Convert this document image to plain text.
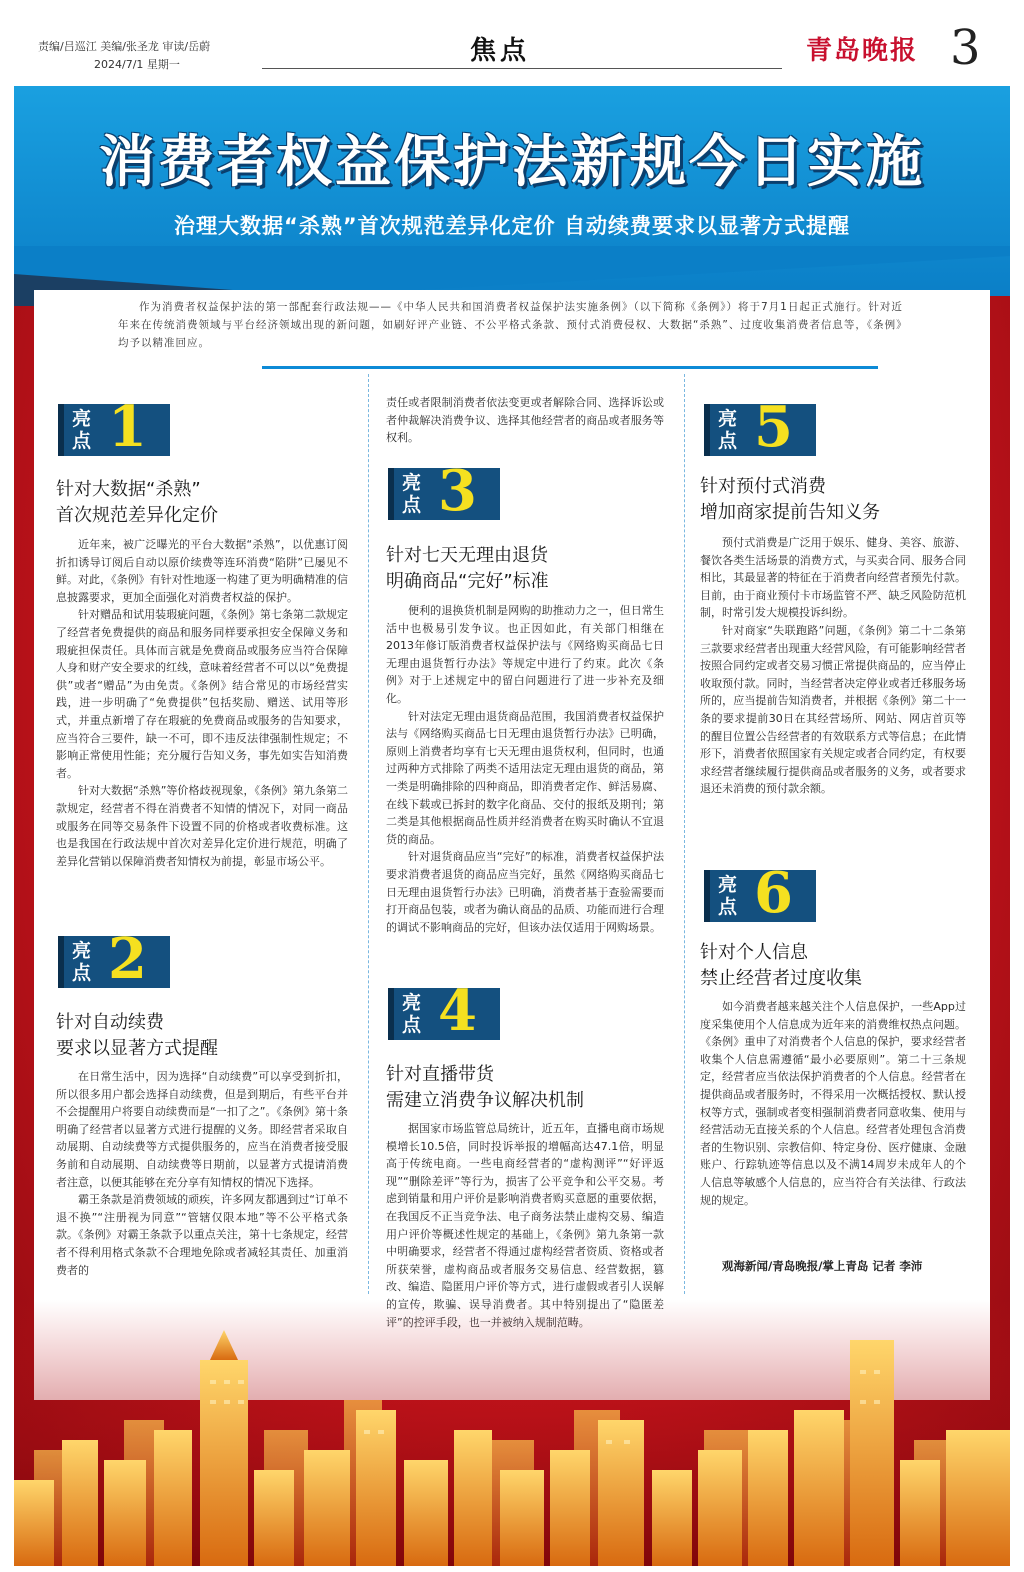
责编/吕巡江 美编/张圣龙 审读/岳蔚
2024/7/1 星期一	焦点	青岛晚报 3
消费者权益保护法新规今日实施
治理大数据“杀熟”首次规范差异化定价 自动续费要求以显著方式提醒
作为消费者权益保护法的第一部配套行政法规——《中华人民共和国消费者权益保护法实施条例》（以下简称《条例》）将于7月1日起正式施行。针对近年来在传统消费领域与平台经济领域出现的新问题，如刷好评产业链、不公平格式条款、预付式消费侵权、大数据“杀熟”、过度收集消费者信息等，《条例》均予以精准回应。
亮点 1
针对大数据“杀熟”
首次规范差异化定价

近年来，被广泛曝光的平台大数据“杀熟”，以优惠订阅折扣诱导订阅后自动以原价续费等连环消费“陷阱”已屡见不鲜。对此，《条例》有针对性地逐一构建了更为明确精准的信息披露要求，更加全面强化对消费者权益的保护。

针对赠品和试用装瑕疵问题，《条例》第七条第二款规定了经营者免费提供的商品和服务同样要承担安全保障义务和瑕疵担保责任。具体而言就是免费商品或服务应当符合保障人身和财产安全要求的红线，意味着经营者不可以以“免费提供”或者“赠品”为由免责。《条例》结合常见的市场经营实践，进一步明确了“免费提供”包括奖励、赠送、试用等形式，并重点新增了存在瑕疵的免费商品或服务的告知要求，应当符合三要件，缺一不可，即不违反法律强制性规定；不影响正常使用性能；充分履行告知义务，事先如实告知消费者。

针对大数据“杀熟”等价格歧视现象，《条例》第九条第二款规定，经营者不得在消费者不知情的情况下，对同一商品或服务在同等交易条件下设置不同的价格或者收费标准。这也是我国在行政法规中首次对差异化定价进行规范，明确了差异化营销以保障消费者知情权为前提，彰显市场公平。

亮点 2
针对自动续费
要求以显著方式提醒

在日常生活中，因为选择“自动续费”可以享受到折扣，所以很多用户都会选择自动续费，但是到期后，有些平台并不会提醒用户将要自动续费而是“一扣了之”。《条例》第十条明确了经营者以显著方式进行提醒的义务。即经营者采取自动展期、自动续费等方式提供服务的，应当在消费者接受服务前和自动展期、自动续费等日期前，以显著方式提请消费者注意，以便其能够在充分享有知情权的情况下选择。

霸王条款是消费领域的顽疾，许多网友都遇到过“订单不退不换”“注册视为同意”“管辖仅限本地”等不公平格式条款。《条例》对霸王条款予以重点关注，第十七条规定，经营者不得利用格式条款不合理地免除或者减轻其责任、加重消费者的

责任或者限制消费者依法变更或者解除合同、选择诉讼或者仲裁解决消费争议、选择其他经营者的商品或者服务等权利。

亮点 3
针对七天无理由退货
明确商品“完好”标准

便利的退换货机制是网购的助推动力之一，但日常生活中也极易引发争议。也正因如此，有关部门相继在2013年修订版消费者权益保护法与《网络购买商品七日无理由退货暂行办法》等规定中进行了约束。此次《条例》对于上述规定中的留白问题进行了进一步补充及细化。

针对法定无理由退货商品范围，我国消费者权益保护法与《网络购买商品七日无理由退货暂行办法》已明确，原则上消费者均享有七天无理由退货权利，但同时，也通过两种方式排除了两类不适用法定无理由退货的商品，第一类是明确排除的四种商品，即消费者定作、鲜活易腐、在线下载或已拆封的数字化商品、交付的报纸及期刊；第二类是其他根据商品性质并经消费者在购买时确认不宜退货的商品。

针对退货商品应当“完好”的标准，消费者权益保护法要求消费者退货的商品应当完好，虽然《网络购买商品七日无理由退货暂行办法》已明确，消费者基于查验需要而打开商品包装，或者为确认商品的品质、功能而进行合理的调试不影响商品的完好，但该办法仅适用于网购场景。

亮点 4
针对直播带货
需建立消费争议解决机制

据国家市场监管总局统计，近五年，直播电商市场规模增长10.5倍，同时投诉举报的增幅高达47.1倍，明显高于传统电商。一些电商经营者的“虚构测评”“好评返现”“删除差评”等行为，损害了公平竞争和公平交易。考虑到销量和用户评价是影响消费者购买意愿的重要依据，在我国反不正当竞争法、电子商务法禁止虚构交易、编造用户评价等概述性规定的基础上，《条例》第九条第一款中明确要求，经营者不得通过虚构经营者资质、资格或者所获荣誉，虚构商品或者服务交易信息、经营数据，篡改、编造、隐匿用户评价等方式，进行虚假或者引人误解

亮点 5
针对预付式消费
增加商家提前告知义务

预付式消费是广泛用于娱乐、健身、美容、旅游、餐饮各类生活场景的消费方式，与买卖合同、服务合同相比，其最显著的特征在于消费者向经营者预先付款。目前，由于商业预付卡市场监管不严、缺乏风险防范机制，时常引发大规模投诉纠纷。

针对商家“失联跑路”问题，《条例》第二十二条第三款要求经营者出现重大经营风险，有可能影响经营者按照合同约定或者交易习惯正常提供商品的，应当停止收取预付款。同时，当经营者决定停业或者迁移服务场所的，应当提前告知消费者，并根据《条例》第二十一条的要求提前30日在其经营场所、网站、网店首页等的醒目位置公告经营者的有效联系方式等信息；在此情形下，消费者依照国家有关规定或者合同约定，有权要求经营者继续履行提供商品或者服务的义务，或者要求退还未消费的预付款余额。

亮点 6
针对个人信息
禁止经营者过度收集

如今消费者越来越关注个人信息保护，一些App过度采集使用个人信息成为近年来的消费维权热点问题。《条例》重申了对消费者个人信息的保护，要求经营者收集个人信息需遵循“最小必要原则”。第二十三条规定，经营者应当依法保护消费者的个人信息。经营者在提供商品或者服务时，不得采用一次概括授权、默认授权等方式，强制或者变相强制消费者同意收集、使用与经营活动无直接关系的个人信息。经营者处理包含消费者的生物识别、宗教信仰、特定身份、医疗健康、金融账户、行踪轨迹等信息以及不满14周岁未成年人的个人信息等敏感个人信息的，应当符合有关法律、行政法规的规定。

观海新闻/青岛晚报/掌上青岛 记者 李沛
